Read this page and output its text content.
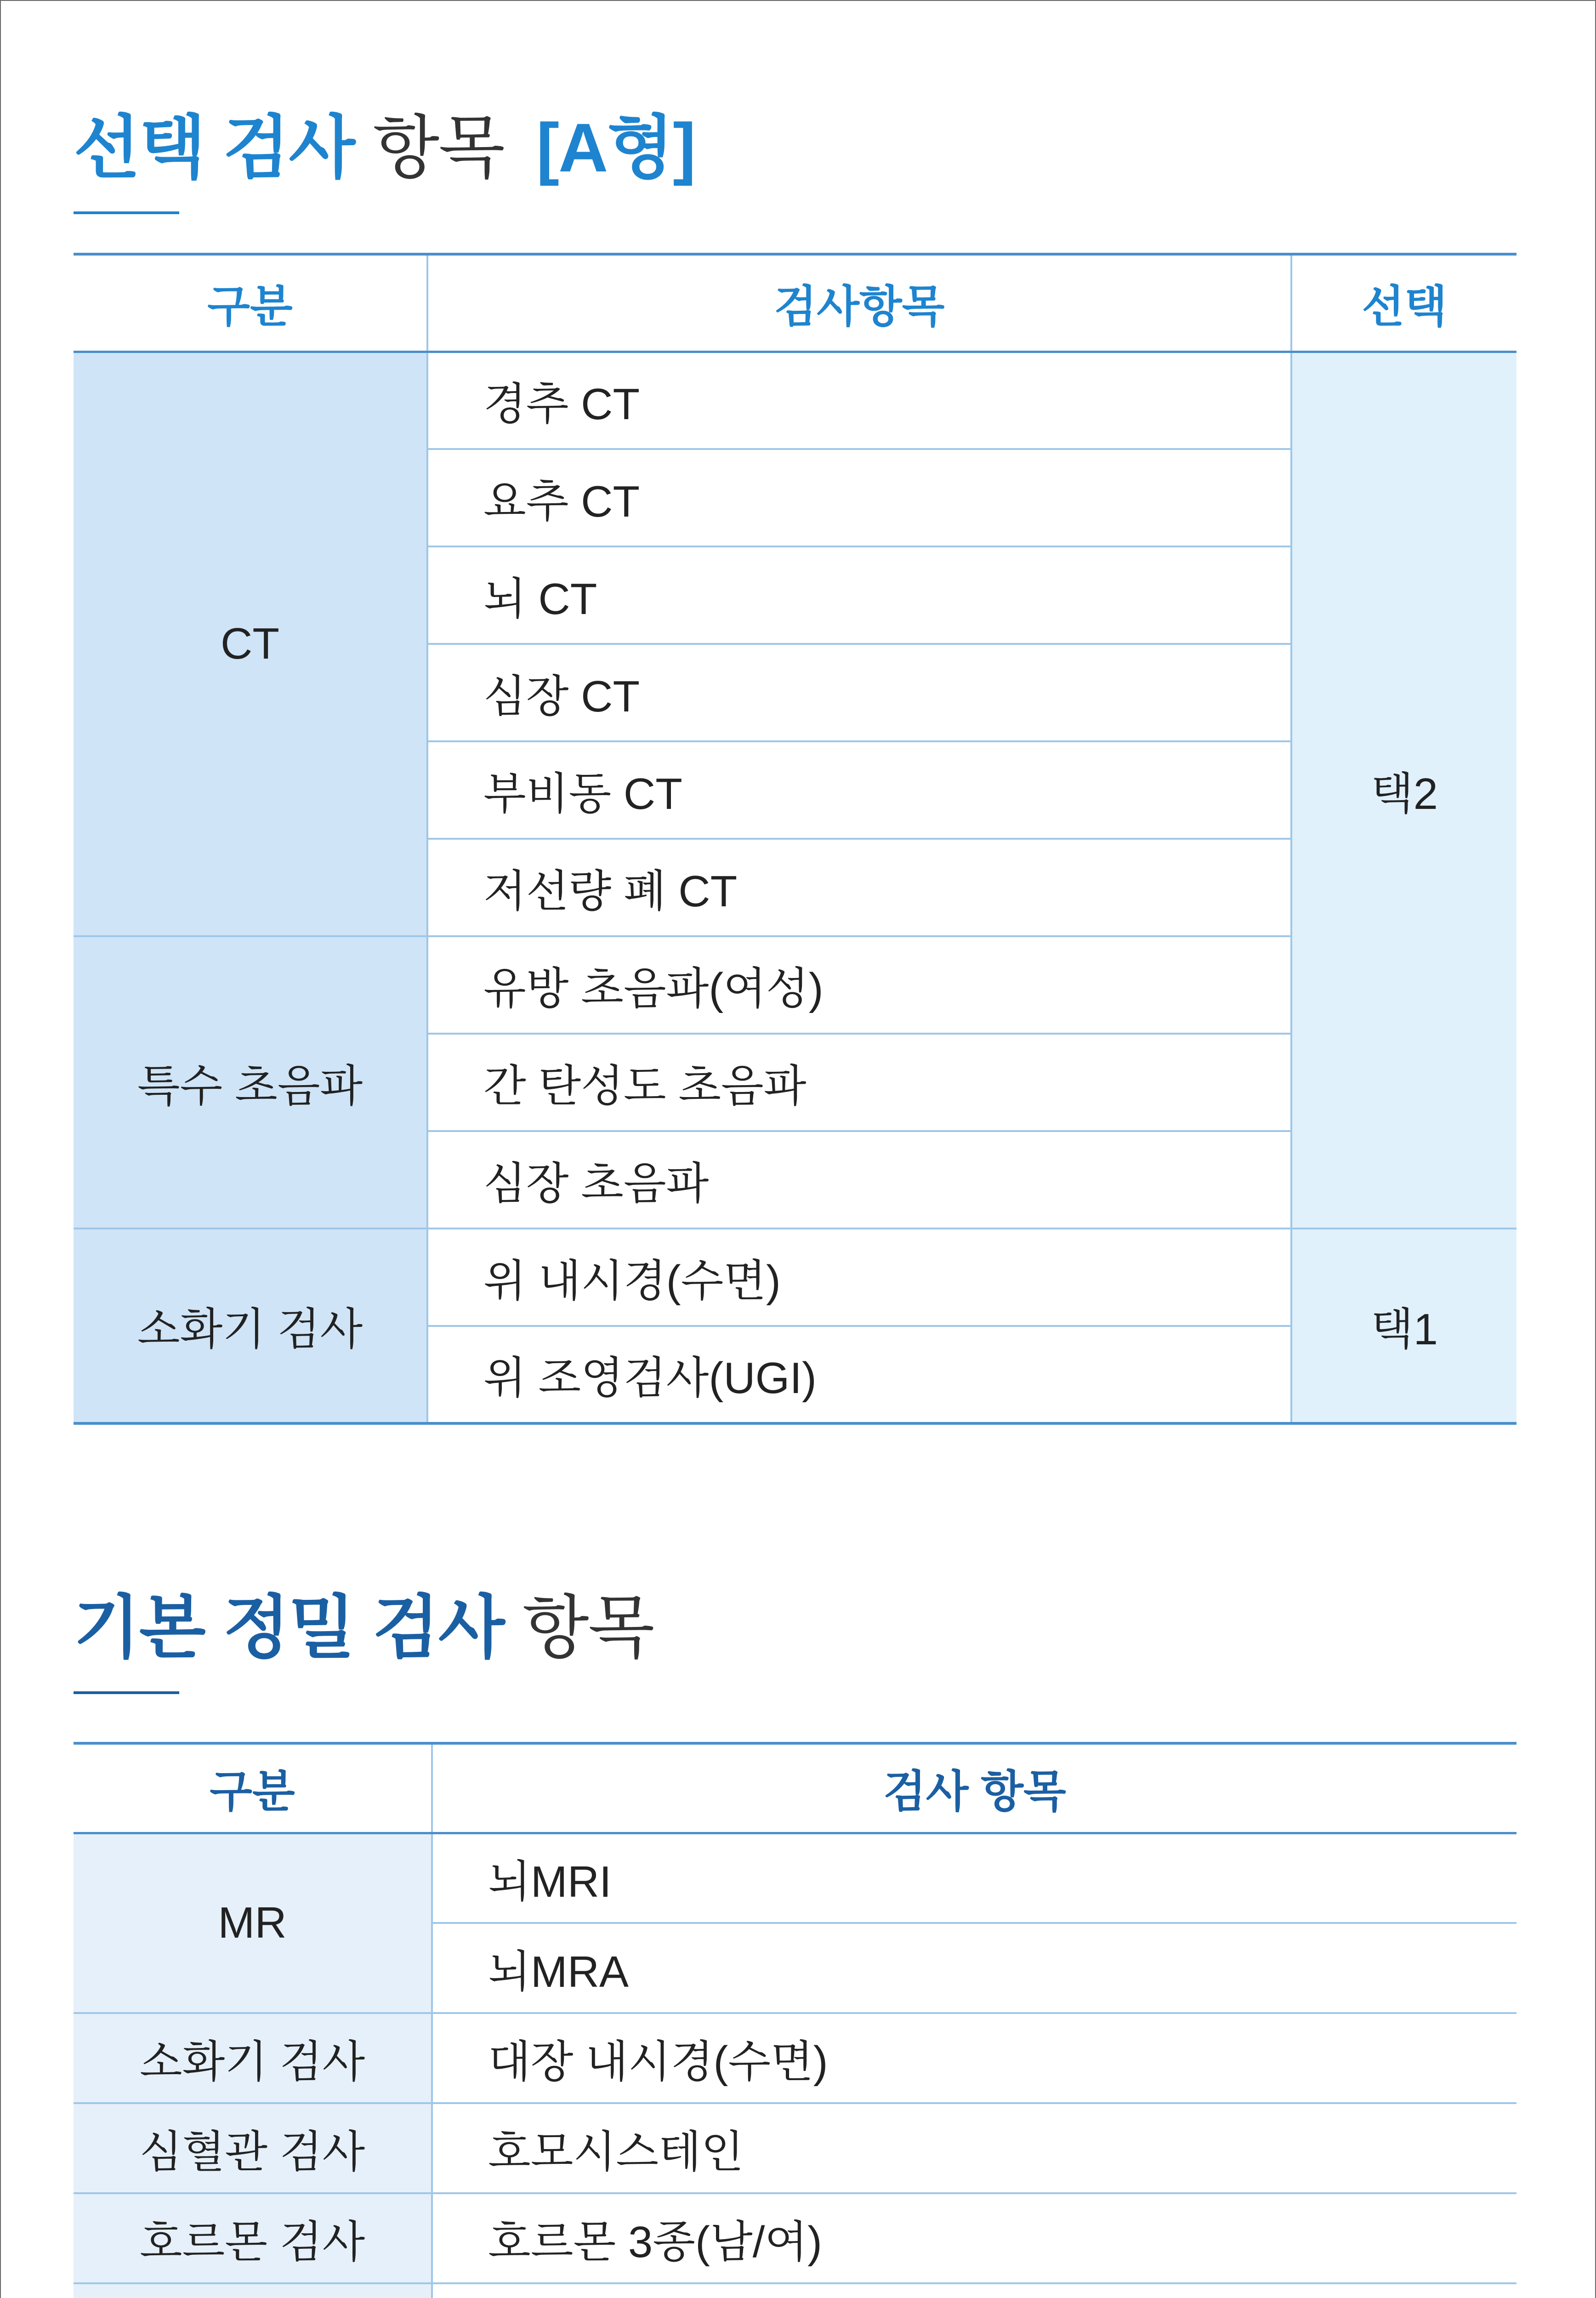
선택 검사 항목 [A형]
구분	검사항목	선택
CT	경추 CT	택2
	요추 CT	
	뇌 CT	
	심장 CT	
	부비동 CT	
	저선량 폐 CT	
특수 초음파	유방 초음파(여성)	
	간 탄성도 초음파	
	심장 초음파	
소화기 검사	위 내시경(수면)	택1
	위 조영검사(UGI)	
기본 정밀 검사 항목
구분	검사 항목
MR	뇌MRI
	뇌MRA
소화기 검사	대장 내시경(수면)
심혈관 검사	호모시스테인
호르몬 검사	호르몬 3종(남/여)
